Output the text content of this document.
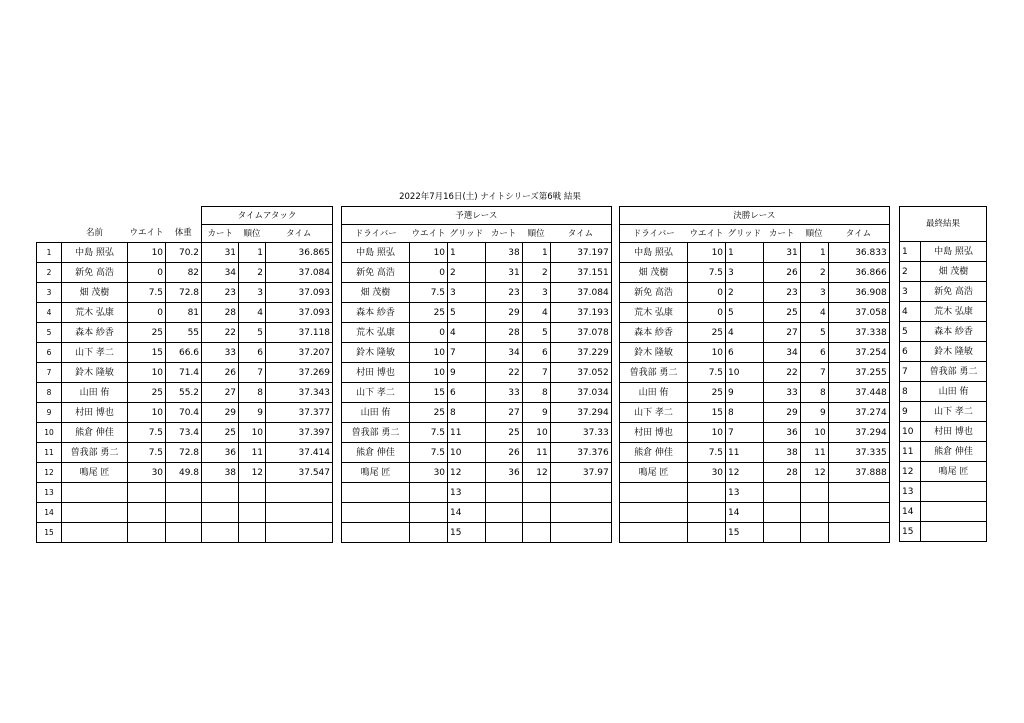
2022年7月16日(土) ナイトシリーズ第6戦 結果
				タイムアタック		
	名前	ウエイト	体重	カート	順位	タイム
1	中島 照弘	10	70.2	31	1	36.865
2	新免 高浩	0	82	34	2	37.084
3	畑 茂樹	7.5	72.8	23	3	37.093
4	荒木 弘康	0	81	28	4	37.093
5	森本 紗香	25	55	22	5	37.118
6	山下 孝二	15	66.6	33	6	37.207
7	鈴木 隆敏	10	71.4	26	7	37.269
8	山田 侑	25	55.2	27	8	37.343
9	村田 博也	10	70.4	29	9	37.377
10	熊倉 伸佳	7.5	73.4	25	10	37.397
11	曽我部 勇二	7.5	72.8	36	11	37.414
12	鳴尾 匠	30	49.8	38	12	37.547
13						
14						
15						
予選レース					
ドライバー	ウエイト	グリッド	カート	順位	タイム
中島 照弘	10	1	38	1	37.197
新免 高浩	0	2	31	2	37.151
畑 茂樹	7.5	3	23	3	37.084
森本 紗香	25	5	29	4	37.193
荒木 弘康	0	4	28	5	37.078
鈴木 隆敏	10	7	34	6	37.229
村田 博也	10	9	22	7	37.052
山下 孝二	15	6	33	8	37.034
山田 侑	25	8	27	9	37.294
曽我部 勇二	7.5	11	25	10	37.33
熊倉 伸佳	7.5	10	26	11	37.376
鳴尾 匠	30	12	36	12	37.97
		13			
		14			
		15			
決勝レース					
ドライバー	ウエイト	グリッド	カート	順位	タイム
中島 照弘	10	1	31	1	36.833
畑 茂樹	7.5	3	26	2	36.866
新免 高浩	0	2	23	3	36.908
荒木 弘康	0	5	25	4	37.058
森本 紗香	25	4	27	5	37.338
鈴木 隆敏	10	6	34	6	37.254
曽我部 勇二	7.5	10	22	7	37.255
山田 侑	25	9	33	8	37.448
山下 孝二	15	8	29	9	37.274
村田 博也	10	7	36	10	37.294
熊倉 伸佳	7.5	11	38	11	37.335
鳴尾 匠	30	12	28	12	37.888
		13			
		14			
		15			
最終結果	

1	中島 照弘
2	畑 茂樹
3	新免 高浩
4	荒木 弘康
5	森本 紗香
6	鈴木 隆敏
7	曽我部 勇二
8	山田 侑
9	山下 孝二
10	村田 博也
11	熊倉 伸佳
12	鳴尾 匠
13	
14	
15	
